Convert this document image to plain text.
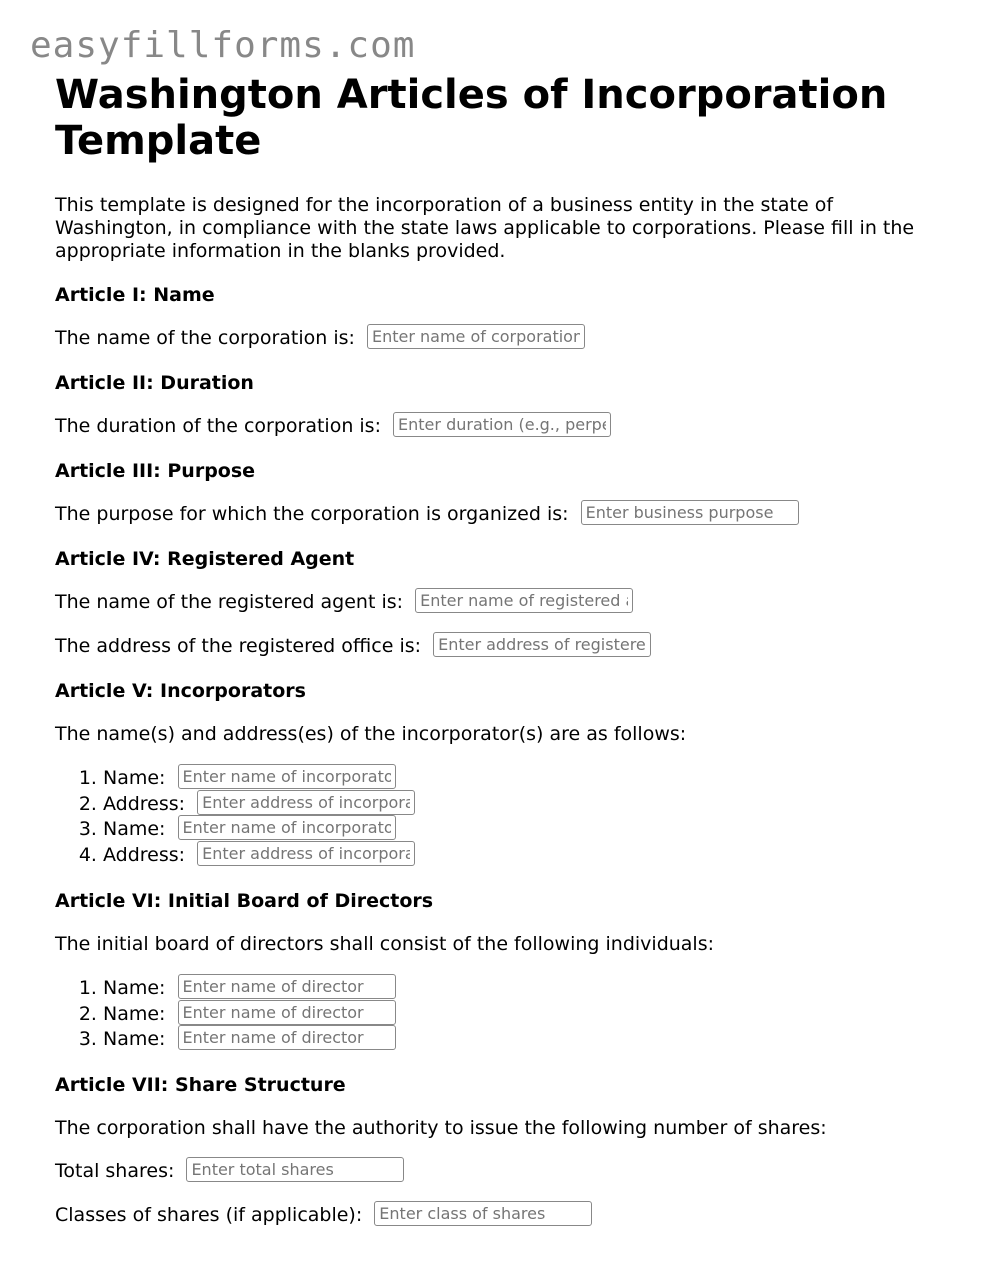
easyfillforms.com
Washington Articles of Incorporation Template

This template is designed for the incorporation of a business entity in the state of Washington, in compliance with the state laws applicable to corporations. Please fill in the appropriate information in the blanks provided.

Article I: Name
The name of the corporation is: Enter name of corporation
Article II: Duration
The duration of the corporation is: Enter duration (e.g., perpetual)
Article III: Purpose
The purpose for which the corporation is organized is: Enter business purpose
Article IV: Registered Agent
The name of the registered agent is: Enter name of registered agent
The address of the registered office is: Enter address of registered office
Article V: Incorporators
The name(s) and address(es) of the incorporator(s) are as follows:
1. Name: Enter name of incorporator
2. Address: Enter address of incorporator
3. Name: Enter name of incorporator
4. Address: Enter address of incorporator
Article VI: Initial Board of Directors
The initial board of directors shall consist of the following individuals:
1. Name: Enter name of director
2. Name: Enter name of director
3. Name: Enter name of director
Article VII: Share Structure
The corporation shall have the authority to issue the following number of shares:
Total shares: Enter total shares
Classes of shares (if applicable): Enter class of shares
